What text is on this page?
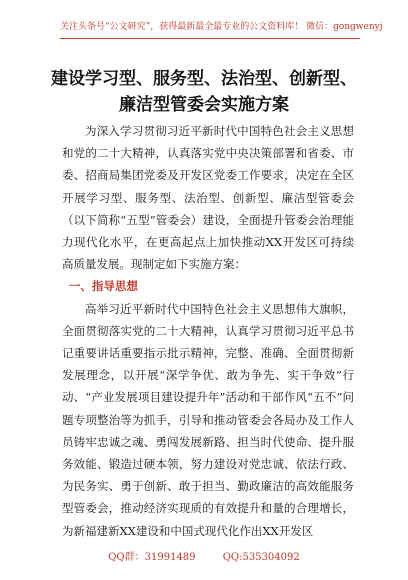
关注头条号“公文研究”，获得最新最全最专业的公文资料库！ 微信：gongwenyj
建设学习型、服务型、法治型、创新型、
廉洁型管委会实施方案

为深入学习贯彻习近平新时代中国特色社会主义思想和党的二十大精神，认真落实党中央决策部署和省委、市委、招商局集团党委及开发区党委工作要求，决定在全区开展学习型、服务型、法治型、创新型、廉洁型管委会（以下简称“五型”管委会）建设，全面提升管委会治理能力现代化水平，在更高起点上加快推动XX开发区可持续高质量发展。现制定如下实施方案：

一、指导思想

高举习近平新时代中国特色社会主义思想伟大旗帜，全面贯彻落实党的二十大精神，认真学习贯彻习近平总书记重要讲话重要指示批示精神，完整、准确、全面贯彻新发展理念，以开展“深学争优、敢为争先、实干争效”行动、“产业发展项目建设提升年”活动和干部作风“五不”问题专项整治等为抓手，引导和推动管委会各局办及工作人员铸牢忠诚之魂、勇闯发展新路、担当时代使命、提升服务效能、锻造过硬本领，努力建设对党忠诚、依法行政、为民务实、勇于创新、敢于担当、勤政廉洁的高效能服务型管委会，推动经济实现质的有效提升和量的合理增长，为新福建新XX建设和中国式现代化作出XX开发区

QQ群：31991489	QQ:535304092
